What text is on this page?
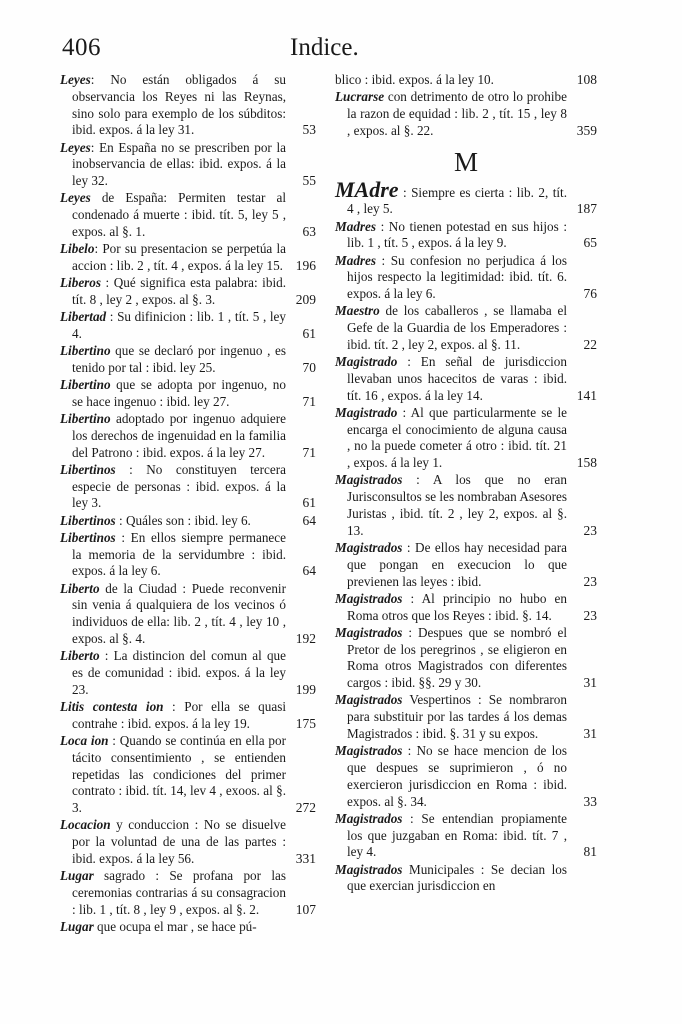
406	Indice.
Leyes: No están obligados á su observancia los Reyes ni las Reynas, sino solo para exemplo de los súbditos: ibid. expos. á la ley 31.	53
Leyes: En España no se prescriben por la inobservancia de ellas: ibid. expos. á la ley 32.	55
Leyes de España: Permiten testar al condenado á muerte : ibid. tít. 5, ley 5 , expos. al §. 1.	63
Libelo: Por su presentacion se perpetúa la accion : lib. 2 , tít. 4 , expos. á la ley 15. 196
Liberos : Qué significa esta palabra: ibid. tít. 8 , ley 2 , expos. al §. 3.	209
Libertad : Su difinicion : lib. 1 , tít. 5 , ley 4.	61
Libertino que se declaró por ingenuo , es tenido por tal : ibid. ley 25.	70
Libertino que se adopta por ingenuo, no se hace ingenuo : ibid. ley 27.	71
Libertino adoptado por ingenuo adquiere los derechos de ingenuidad en la familia del Patrono : ibid. expos. á la ley 27.	71
Libertinos : No constituyen tercera especie de personas : ibid. expos. á la ley 3.	61
Libertinos : Quáles son : ibid. ley 6.	64
Libertinos : En ellos siempre permanece la memoria de la servidumbre : ibid. expos. á la ley 6.	64
Liberto de la Ciudad : Puede reconvenir sin venia á qualquiera de los vecinos ó individuos de ella: lib. 2 , tít. 4 , ley 10 , expos. al §. 4.	192
Liberto : La distincion del comun al que es de comunidad : ibid. expos. á la ley 23.	199
Litis contesta ion : Por ella se quasi contrahe : ibid. expos. á la ley 19.	175
Loca ion : Quando se continúa en ella por tácito consentimiento , se entienden repetidas las condiciones del primer contrato : ibid. tít. 14, lev 4 , exoos. al §. 3.	272
Locacion y conduccion : No se disuelve por la voluntad de una de las partes : ibid. expos. á la ley 56.	331
Lugar sagrado : Se profana por las ceremonias contrarias á su consagracion : lib. 1 , tít. 8 , ley 9 , expos. al §. 2.	107
Lugar que ocupa el mar , se hace pú-
blico : ibid. expos. á la ley 10.	108
Lucrarse con detrimento de otro lo prohibe la razon de equidad : lib. 2 , tít. 15 , ley 8 , expos. al §. 22.	359
M
MAdre : Siempre es cierta : lib. 2, tít. 4 , ley 5.	187
Madres : No tienen potestad en sus hijos : lib. 1 , tít. 5 , expos. á la ley 9.	65
Madres : Su confesion no perjudica á los hijos respecto la legitimidad: ibid. tít. 6. expos. á la ley 6.	76
Maestro de los caballeros , se llamaba el Gefe de la Guardia de los Emperadores : ibid. tít. 2 , ley 2, expos. al §. 11.	22
Magistrado : En señal de jurisdiccion llevaban unos hacecitos de varas : ibid. tít. 16 , expos. á la ley 14.	141
Magistrado : Al que particularmente se le encarga el conocimiento de alguna causa , no la puede cometer á otro : ibid. tít. 21 , expos. á la ley 1.	158
Magistrados : A los que no eran Jurisconsultos se les nombraban Asesores Juristas , ibid. tít. 2 , ley 2, expos. al §. 13.	23
Magistrados : De ellos hay necesidad para que pongan en execucion lo que previenen las leyes : ibid.	23
Magistrados : Al principio no hubo en Roma otros que los Reyes : ibid. §. 14. 23
Magistrados : Despues que se nombró el Pretor de los peregrinos , se eligieron en Roma otros Magistrados con diferentes cargos : ibid. §§. 29 y 30.	31
Magistrados Vespertinos : Se nombraron para substituir por las tardes á los demas Magistrados : ibid. §. 31 y su expos.	31
Magistrados : No se hace mencion de los que despues se suprimieron , ó no exercieron jurisdiccion en Roma : ibid. expos. al §. 34.	33
Magistrados : Se entendian propiamente los que juzgaban en Roma: ibid. tít. 7 , ley 4.	81
Magistrados Municipales : Se decian los que exercian jurisdiccion en
